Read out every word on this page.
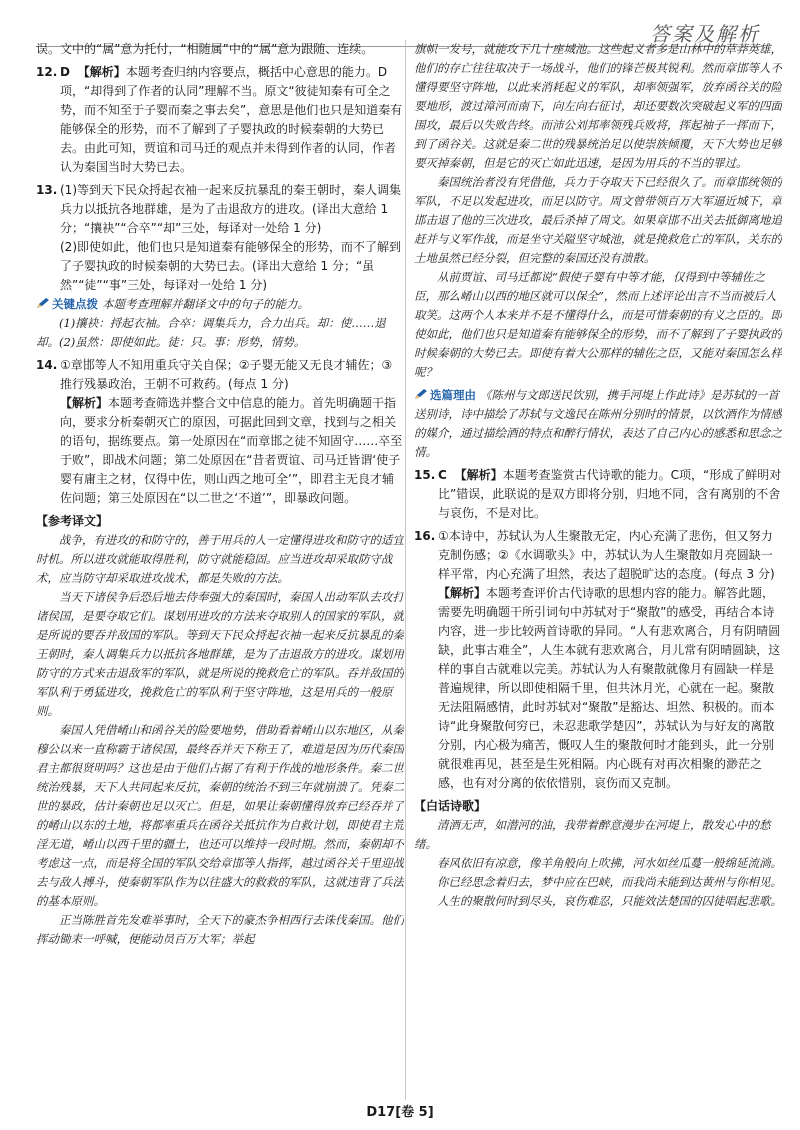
答案及解析

误。文中的“属”意为托付，“相随属”中的“属”意为跟随、连续。

12. D 【解析】本题考查归纳内容要点，概括中心意思的能力。D项，“却得到了作者的认同”理解不当。原文“彼徒知秦有可全之势，而不知至于子婴而秦之事去矣”，意思是他们也只是知道秦有能够保全的形势，而不了解到了子婴执政的时候秦朝的大势已去。由此可知，贾谊和司马迁的观点并未得到作者的认同，作者认为秦国当时大势已去。
13. (1)等到天下民众捋起衣袖一起来反抗暴乱的秦王朝时，秦人调集兵力以抵抗各地群雄，是为了击退敌方的进攻。(译出大意给 1 分；“攘袂”“合卒”“却”三处，每译对一处给 1 分)

(2)即使如此，他们也只是知道秦有能够保全的形势，而不了解到了子婴执政的时候秦朝的大势已去。(译出大意给 1 分；“虽然”“徒”“事”三处，每译对一处给 1 分)

关键点拨 本题考查理解并翻译文中的句子的能力。

(1)攘袂：捋起衣袖。合卒：调集兵力，合力出兵。却：使……退却。(2)虽然：即使如此。徒：只。事：形势，情势。

14. ①章邯等人不知用重兵守关自保；②子婴无能又无良才辅佐；③推行残暴政治，王朝不可救药。(每点 1 分)

【解析】本题考查筛选并整合文中信息的能力。首先明确题干指向，要求分析秦朝灭亡的原因，可据此回到文章，找到与之相关的语句，据练要点。第一处原因在“而章邯之徒不知固守……卒至于败”，即战术问题；第二处原因在“昔者贾谊、司马迁皆谓‘使子婴有庸主之材，仅得中佐，则山西之地可全’”，即君主无良才辅佐问题；第三处原因在“以二世之‘不道’”，即暴政问题。

【参考译文】

战争，有进攻的和防守的，善于用兵的人一定懂得进攻和防守的适宜时机。所以进攻就能取得胜利，防守就能稳固。应当进攻却采取防守战术，应当防守却采取进攻战术，都是失败的方法。

当天下诸侯争后恐后地去侍奉强大的秦国时，秦国人出动军队去攻打诸侯国，是要夺取它们。谋划用进攻的方法来夺取别人的国家的军队，就是所说的要吞并敌国的军队。等到天下民众捋起衣袖一起来反抗暴乱的秦王朝时，秦人调集兵力以抵抗各地群雄，是为了击退敌方的进攻。谋划用防守的方式来击退敌军的军队，就是所说的挽救危亡的军队。吞并敌国的军队利于勇猛进攻，挽救危亡的军队利于坚守阵地，这是用兵的一般原则。

秦国人凭借崤山和函谷关的险要地势，借助看着崤山以东地区，从秦穆公以来一直称霸于诸侯国，最终吞并天下称王了，难道是因为历代秦国君主都很贤明吗？这也是由于他们占据了有利于作战的地形条件。秦二世统治残暴，天下人共同起来反抗，秦朝的统治不到三年就崩溃了。凭秦二世的暴政，估计秦朝也足以灭亡。但是，如果让秦朝懂得放弃已经吞并了的崤山以东的土地，将都率重兵在函谷关抵抗作为自救计划，即使君主荒淫无道，崤山以西千里的疆土，也还可以维持一段时期。然而，秦朝却不考虑这一点，而是将全国的军队交给章邯等人指挥，越过函谷关千里迎战去与敌人搏斗，使秦朝军队作为以往盛大的救救的军队，这就违背了兵法的基本原则。

正当陈胜首先发难举事时，全天下的豪杰争相西行去诛伐秦国。他们挥动锄耒一呼喊，便能动员百万大军；举起

旗帜一发号，就能攻下几十座城池。这些起义者多是山林中的草莽英雄，他们的存亡往往取决于一场战斗，他们的锋芒极其锐利。然而章邯等人不懂得要坚守阵地，以此来消耗起义的军队，却率领强军，放弃函谷关的险要地形，渡过漳河而南下，向左向右征讨，却还要数次突破起义军的四面围攻，最后以失败告终。而沛公刘邦率领残兵败将，挥起袖子一挥而下，到了函谷关。这就是秦二世的残暴统治足以使崇族倾覆，天下大势也足够要灭掉秦朝，但是它的灭亡如此迅速，是因为用兵的不当的罪过。

秦国统治者没有凭借他，兵力于夺取天下已经很久了。而章邯统领的军队，不足以发起进攻，而足以防守。周文曾带领百万大军逼近城下，章邯击退了他的三次进攻，最后杀掉了周文。如果章邯不出关去抵御离地追赶并与义军作战，而是坐守关隘坚守城池，就是挽救危亡的军队，关东的土地虽然已经分裂，但完整的秦国还没有溃散。

从前贾谊、司马迁都说“假使子婴有中等才能，仅得到中等辅佐之臣，那么崤山以西的地区就可以保全”，然而上述评论出言不当而被后人取笑。这两个人本来并不是不懂得什么，而是可惜秦朝的有义之臣的。即使如此，他们也只是知道秦有能够保全的形势，而不了解到了子婴执政的时候秦朝的大势已去。即使有着大公那样的辅佐之臣，又能对秦国怎么样呢？

选篇理由 《陈州与文郎送民饮别，携手河堤上作此诗》是苏轼的一首送别诗，诗中描绘了苏轼与文逸民在陈州分别时的情景，以饮酒作为情感的媒介，通过描绘酒的特点和醉行情状，表达了自己内心的感悉和思念之情。

15. C 【解析】本题考查鉴赏古代诗歌的能力。C项，“形成了鲜明对比”错误，此联说的是双方即将分别，归地不同，含有离别的不舍与哀伤，不是对比。
16. ①本诗中，苏轼认为人生聚散无定，内心充满了悲伤，但又努力克制伤感；②《水调歌头》中，苏轼认为人生聚散如月亮圆缺一样平常，内心充满了坦然，表达了超脱旷达的态度。(每点 3 分)

【解析】本题考查评价古代诗歌的思想内容的能力。解答此题，需要先明确题干所引词句中苏轼对于“聚散”的感受，再结合本诗内容，进一步比较两首诗歌的异同。“人有悲欢离合，月有阴晴圆缺，此事古难全”，人生本就有悲欢离合，月儿常有阴晴圆缺，这样的事自古就难以完美。苏轼认为人有聚散就像月有圆缺一样是普遍规律，所以即使相隔千里，但共沐月光，心就在一起。聚散无法阻隔感情，此时苏轼对“聚散”是豁达、坦然、积极的。而本诗“此身聚散何穷已，未忍悲歌学楚囚”，苏轼认为与好友的离散分别，内心极为痛苦，慨叹人生的聚散何时才能到头，此一分别就很难再见，甚至是生死相隔。内心既有对再次相聚的渺茫之感，也有对分离的依依惜别，哀伤而又克制。

【白话诗歌】

清酒无声，如潜河的油，我带着醉意漫步在河堤上，散发心中的愁绪。

春风依旧有凉意，像羊角般向上吹拂，河水如丝瓜蔓一般绵延流淌。

你已经思念着归去，梦中应在巴峡，而我尚未能到达黄州与你相见。

人生的聚散何时到尽头，哀伤难忍，只能效法楚国的囚徒唱起悲歌。

D17[卷 5]
